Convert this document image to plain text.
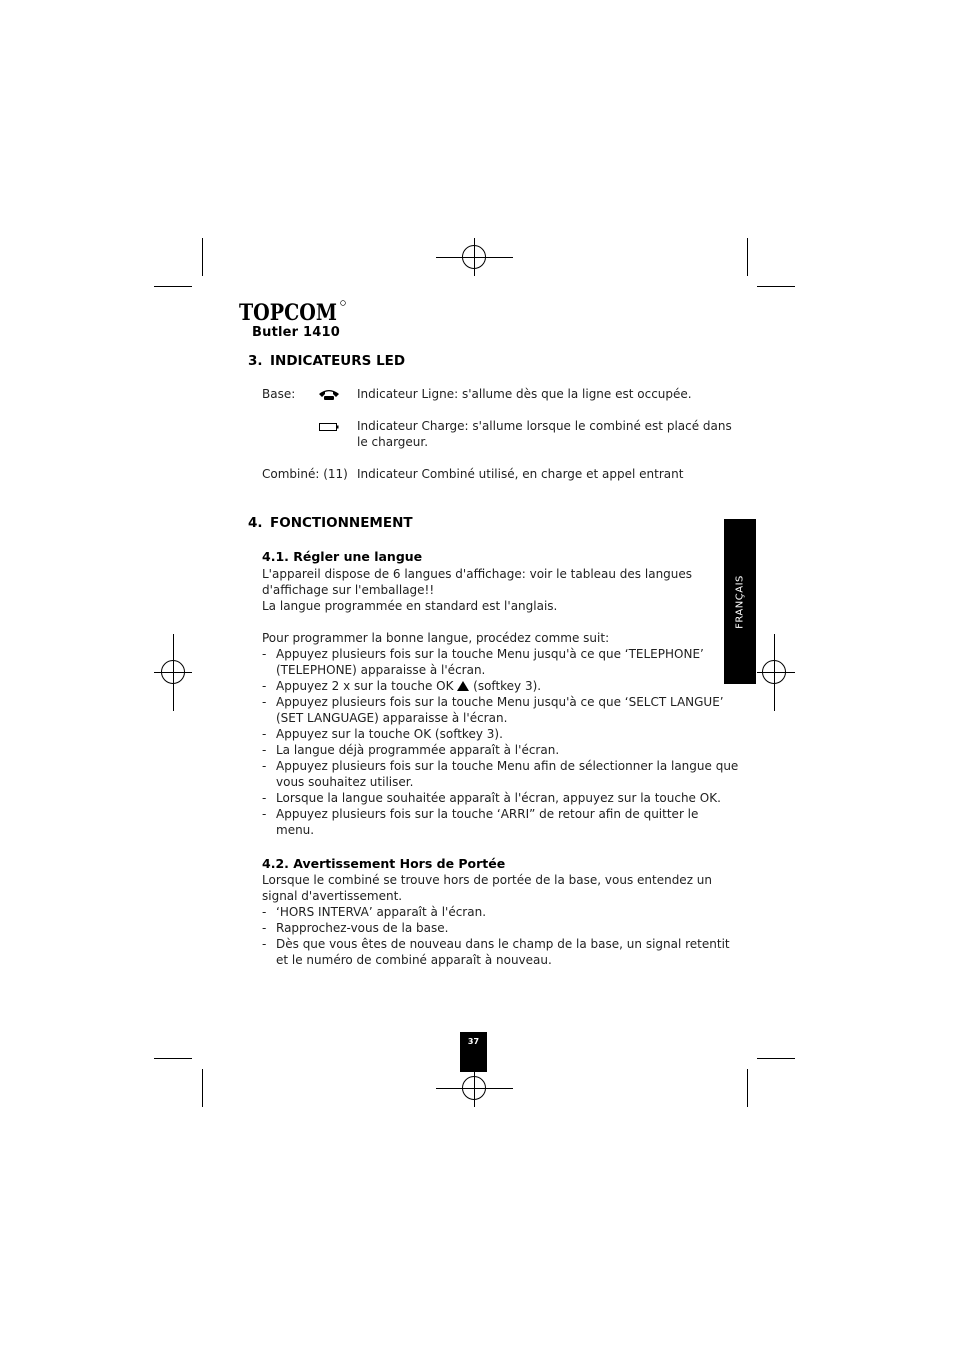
TOPCOM
Butler 1410
3. INDICATEURS LED
Base:	Indicateur Ligne: s'allume dès que la ligne est occupée.
Indicateur Charge: s'allume lorsque le combiné est placé dans
le chargeur.
Combiné: (11) Indicateur Combiné utilisé, en charge et appel entrant
4. FONCTIONNEMENT
4.1. Régler une langue
L'appareil dispose de 6 langues d'affichage: voir le tableau des langues
d'affichage sur l'emballage!!
La langue programmée en standard est l'anglais.
Pour programmer la bonne langue, procédez comme suit:
- Appuyez plusieurs fois sur la touche Menu jusqu'à ce que ‘TELEPHONE’
(TELEPHONE) apparaisse à l'écran.
- Appuyez 2 x sur la touche OK (softkey 3).
- Appuyez plusieurs fois sur la touche Menu jusqu'à ce que ‘SELCT LANGUE’
(SET LANGUAGE) apparaisse à l'écran.
- Appuyez sur la touche OK (softkey 3).
- La langue déjà programmée apparaît à l'écran.
- Appuyez plusieurs fois sur la touche Menu afin de sélectionner la langue que
vous souhaitez utiliser.
- Lorsque la langue souhaitée apparaît à l'écran, appuyez sur la touche OK.
- Appuyez plusieurs fois sur la touche ‘ARRI” de retour afin de quitter le
menu.
4.2. Avertissement Hors de Portée
Lorsque le combiné se trouve hors de portée de la base, vous entendez un
signal d'avertissement.
- ‘HORS INTERVA’ apparaît à l'écran.
- Rapprochez-vous de la base.
- Dès que vous êtes de nouveau dans le champ de la base, un signal retentit
et le numéro de combiné apparaît à nouveau.
FRANÇAIS
37
